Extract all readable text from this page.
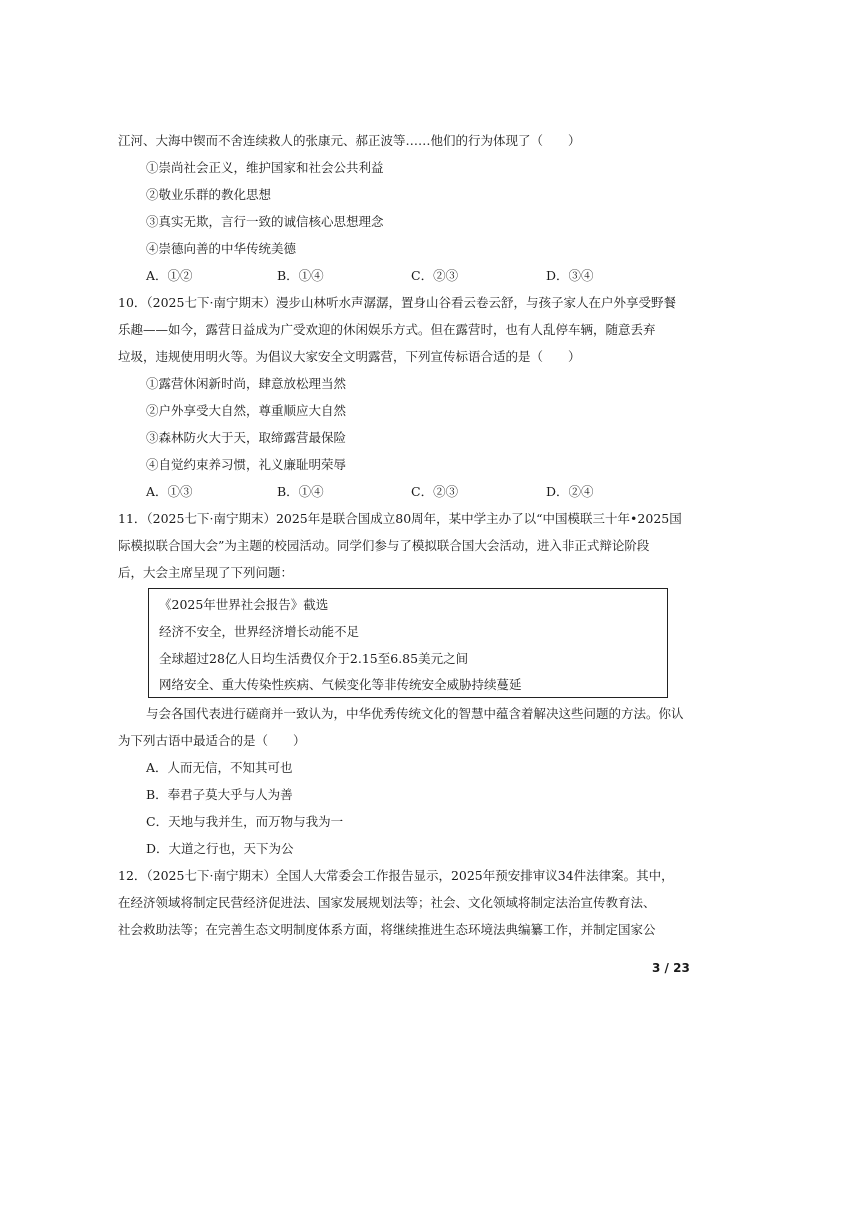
江河、大海中锲而不舍连续救人的张康元、郝正波等……他们的行为体现了（　　）
①崇尚社会正义，维护国家和社会公共利益
②敬业乐群的教化思想
③真实无欺，言行一致的诚信核心思想理念
④崇德向善的中华传统美德
A．①②	B．①④	C．②③	D．③④
10．（2025七下·南宁期末）漫步山林听水声潺潺，置身山谷看云卷云舒，与孩子家人在户外享受野餐
乐趣——如今，露营日益成为广受欢迎的休闲娱乐方式。但在露营时，也有人乱停车辆，随意丢弃
垃圾，违规使用明火等。为倡议大家安全文明露营，下列宣传标语合适的是（　　）
①露营休闲新时尚，肆意放松理当然
②户外享受大自然，尊重顺应大自然
③森林防火大于天，取缔露营最保险
④自觉约束养习惯，礼义廉耻明荣辱
A．①③	B．①④	C．②③	D．②④
11．（2025七下·南宁期末）2025年是联合国成立80周年，某中学主办了以“中国模联三十年•2025国
际模拟联合国大会”为主题的校园活动。同学们参与了模拟联合国大会活动，进入非正式辩论阶段
后，大会主席呈现了下列问题：
《2025年世界社会报告》截选
经济不安全，世界经济增长动能不足
全球超过28亿人日均生活费仅介于2.15至6.85美元之间
网络安全、重大传染性疾病、气候变化等非传统安全威胁持续蔓延
与会各国代表进行磋商并一致认为，中华优秀传统文化的智慧中蕴含着解决这些问题的方法。你认
为下列古语中最适合的是（　　）
A．人而无信，不知其可也
B．奉君子莫大乎与人为善
C．天地与我并生，而万物与我为一
D．大道之行也，天下为公
12．（2025七下·南宁期末）全国人大常委会工作报告显示，2025年预安排审议34件法律案。其中，
在经济领域将制定民营经济促进法、国家发展规划法等；社会、文化领域将制定法治宣传教育法、
社会救助法等；在完善生态文明制度体系方面，将继续推进生态环境法典编纂工作，并制定国家公
3 / 23
